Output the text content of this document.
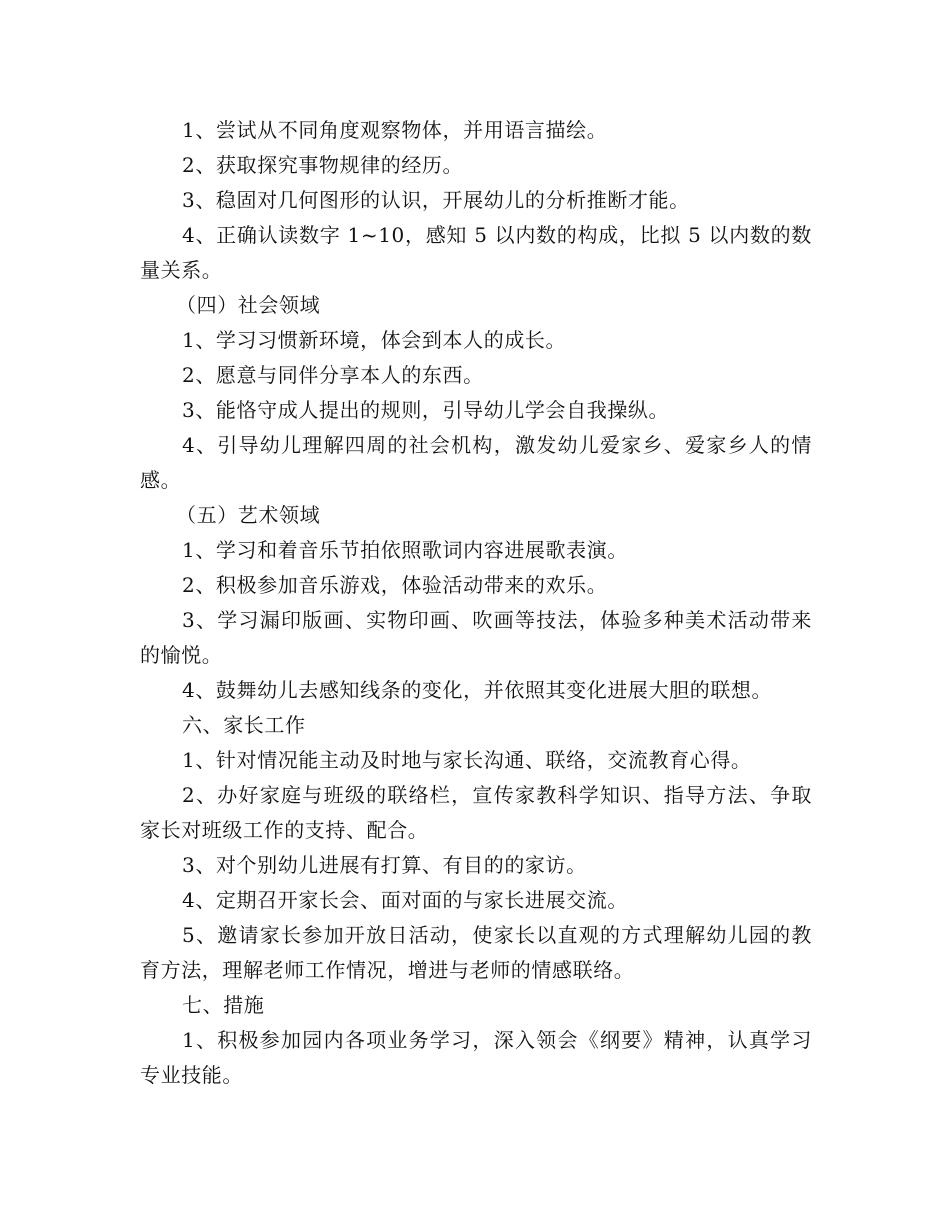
1、尝试从不同角度观察物体，并用语言描绘。

2、获取探究事物规律的经历。

3、稳固对几何图形的认识，开展幼儿的分析推断才能。

4、正确认读数字 1~10，感知 5 以内数的构成，比拟 5 以内数的数量关系。

（四）社会领域

1、学习习惯新环境，体会到本人的成长。

2、愿意与同伴分享本人的东西。

3、能恪守成人提出的规则，引导幼儿学会自我操纵。

4、引导幼儿理解四周的社会机构，激发幼儿爱家乡、爱家乡人的情感。

（五）艺术领域

1、学习和着音乐节拍依照歌词内容进展歌表演。

2、积极参加音乐游戏，体验活动带来的欢乐。

3、学习漏印版画、实物印画、吹画等技法，体验多种美术活动带来的愉悦。

4、鼓舞幼儿去感知线条的变化，并依照其变化进展大胆的联想。

六、家长工作

1、针对情况能主动及时地与家长沟通、联络，交流教育心得。

2、办好家庭与班级的联络栏，宣传家教科学知识、指导方法、争取家长对班级工作的支持、配合。

3、对个别幼儿进展有打算、有目的的家访。

4、定期召开家长会、面对面的与家长进展交流。

5、邀请家长参加开放日活动，使家长以直观的方式理解幼儿园的教育方法，理解老师工作情况，增进与老师的情感联络。

七、措施

1、积极参加园内各项业务学习，深入领会《纲要》精神，认真学习专业技能。
